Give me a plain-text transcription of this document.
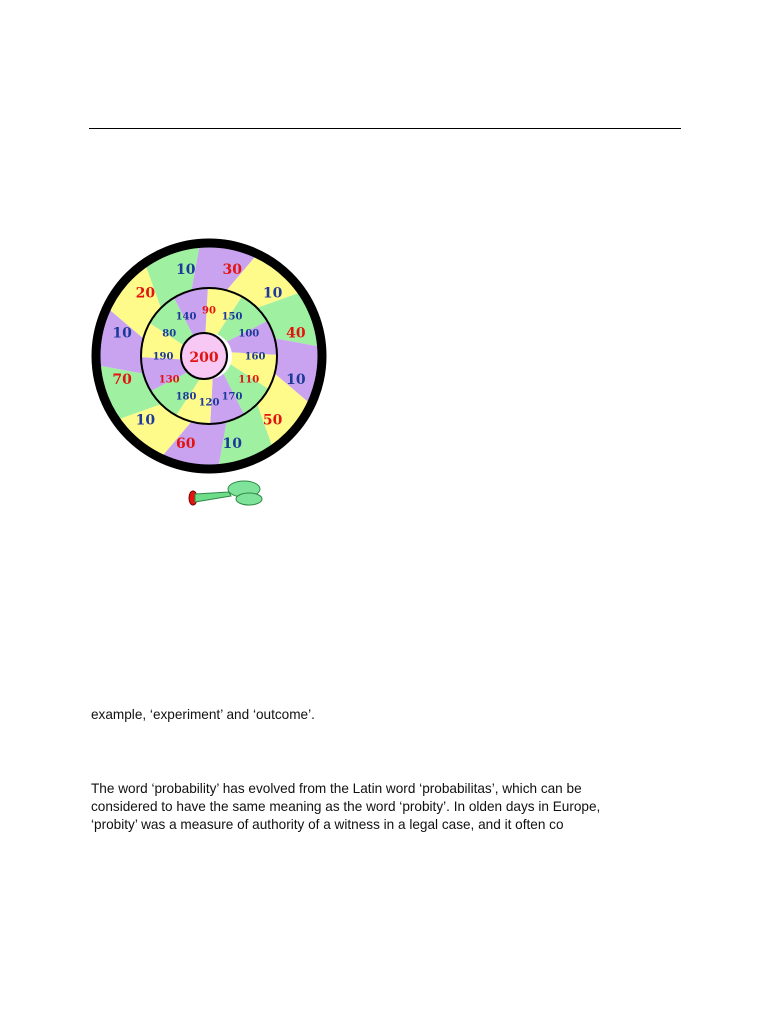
200
10 30
10
40
10
50
10
60
10
70
10
20
90
150
100
160
110
170
120
180
130
190
80
140
example, ‘experiment’ and ‘outcome’.
The word ‘probability’ has evolved from the Latin word ‘probabilitas’, which can be
considered to have the same meaning as the word ‘probity’. In olden days in Europe,
‘probity’ was a measure of authority of a witness in a legal case, and it often co
